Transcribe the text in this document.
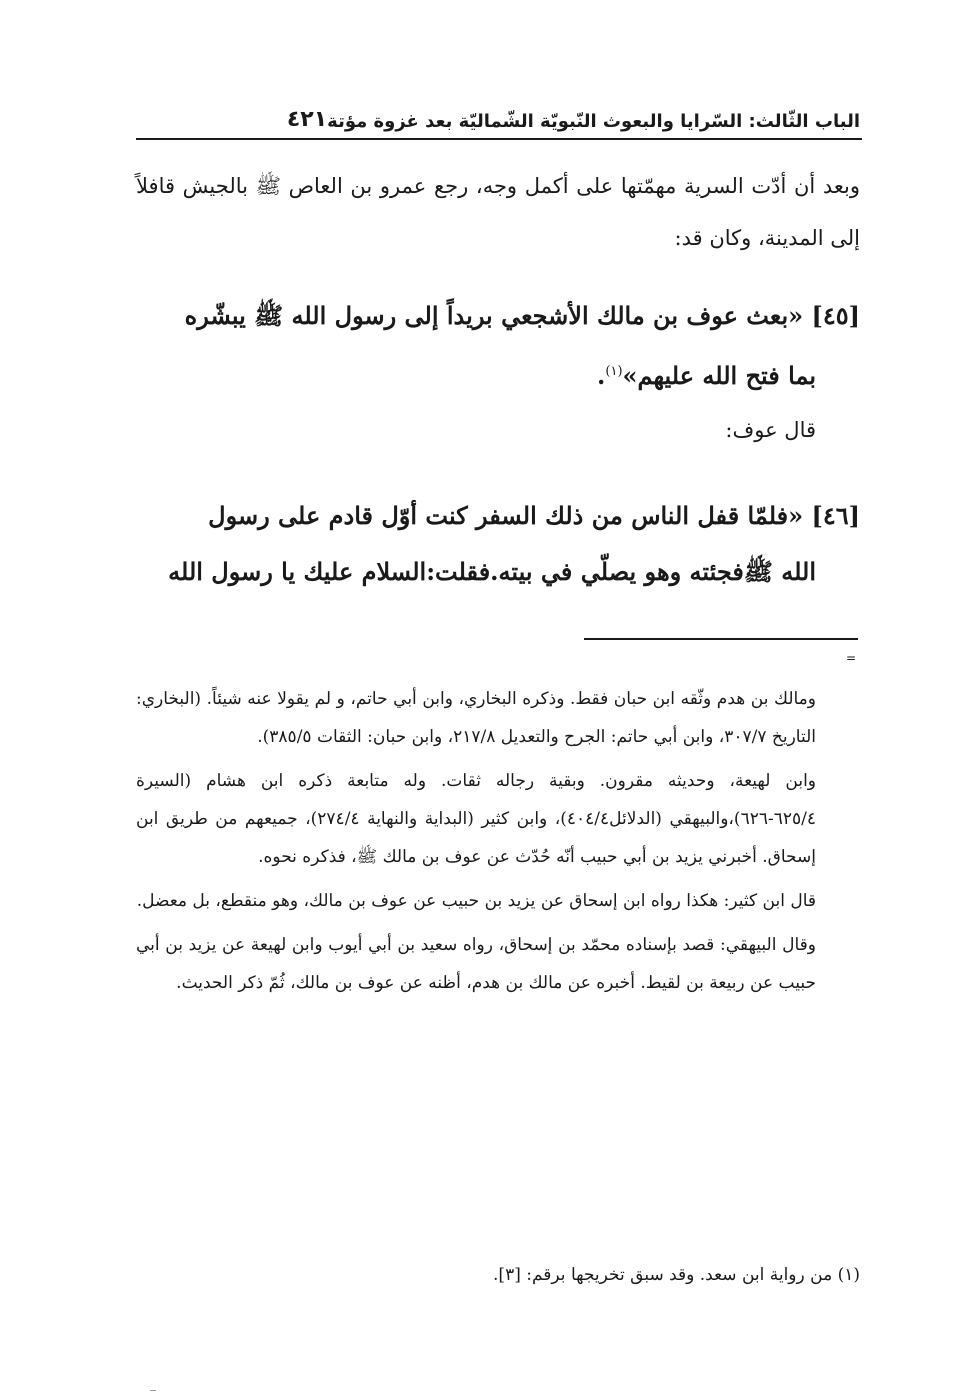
الباب الثّالث: السّرايا والبعوث النّبويّة الشّماليّة بعد غزوة مؤتة
٤٢١
وبعد أن أدّت السرية مهمّتها على أكمل وجه، رجع عمرو بن العاص ﷺ بالجيش قافلاً إلى المدينة، وكان قد:
[٤٥] «بعث عوف بن مالك الأشجعي بريداً إلى رسول الله ﷺ يبشّره
بما فتح الله عليهم»$^{(١)}$.
قال عوف:
[٤٦] «فلمّا قفل الناس من ذلك السفر كنت أوّل قادم على رسول
الله ﷺفجئته وهو يصلّي في بيته.فقلت:السلام عليك يا رسول الله
=

ومالك بن هدم وثّقه ابن حبان فقط. وذكره البخاري، وابن أبي حاتم، و لم يقولا عنه شيئاً. (البخاري: التاريخ ٣٠٧/٧، وابن أبي حاتم: الجرح والتعديل ٢١٧/٨، وابن حبان: الثقات ٣٨٥/٥).

وابن لهيعة، وحديثه مقرون. وبقية رجاله ثقات. وله متابعة ذكره ابن هشام (السيرة ٦٢٥/٤-٦٢٦)،والبيهقي (الدلائل٤٠٤/٤)، وابن كثير (البداية والنهاية ٢٧٤/٤)، جميعهم من طريق ابن إسحاق. أخبرني يزيد بن أبي حبيب أنّه حُدّث عن عوف بن مالك ﷺ، فذكره نحوه.

قال ابن كثير: هكذا رواه ابن إسحاق عن يزيد بن حبيب عن عوف بن مالك، وهو منقطع، بل معضل.

وقال البيهقي: قصد بإسناده محمّد بن إسحاق، رواه سعيد بن أبي أيوب وابن لهيعة عن يزيد بن أبي حبيب عن ربيعة بن لقيط. أخبره عن مالك بن هدم، أظنه عن عوف بن مالك، ثُمّ ذكر الحديث.

(١) من رواية ابن سعد. وقد سبق تخريجها برقم: [٣].
